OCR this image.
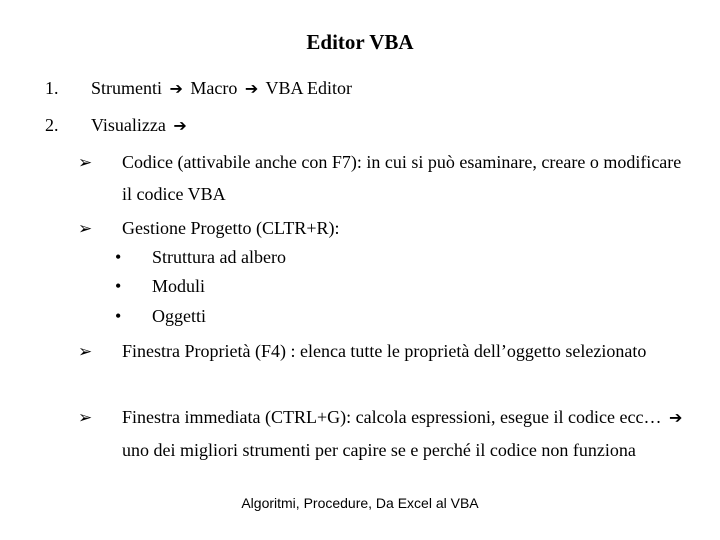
Editor VBA
1. Strumenti ➔ Macro ➔ VBA Editor
2. Visualizza ➔
➢ Codice (attivabile anche con F7): in cui si può esaminare, creare o modificare il codice VBA
➢ Gestione Progetto (CLTR+R):
• Struttura ad albero
• Moduli
• Oggetti
➢ Finestra Proprietà (F4) : elenca tutte le proprietà dell’oggetto selezionato
➢ Finestra immediata (CTRL+G): calcola espressioni, esegue il codice ecc… ➔ uno dei migliori strumenti per capire se e perché il codice non funziona
Algoritmi, Procedure, Da Excel al VBA
